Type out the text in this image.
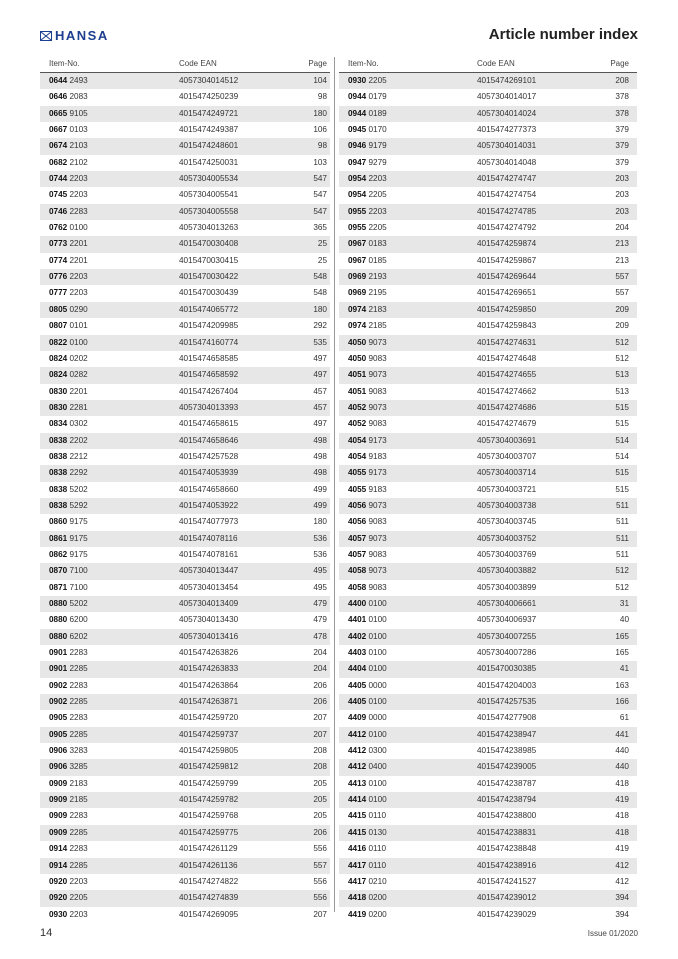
HANSA	Article number index
Item-No.	Code EAN	Page
0644 2493	4057304014512	104
0646 2083	4015474250239	98
0665 9105	4015474249721	180
0667 0103	4015474249387	106
0674 2103	4015474248601	98
0682 2102	4015474250031	103
0744 2203	4057304005534	547
0745 2203	4057304005541	547
0746 2283	4057304005558	547
0762 0100	4057304013263	365
0773 2201	4015470030408	25
0774 2201	4015470030415	25
0776 2203	4015470030422	548
0777 2203	4015470030439	548
0805 0290	4015474065772	180
0807 0101	4015474209985	292
0822 0100	4015474160774	535
0824 0202	4015474658585	497
0824 0282	4015474658592	497
0830 2201	4015474267404	457
0830 2281	4057304013393	457
0834 0302	4015474658615	497
0838 2202	4015474658646	498
0838 2212	4015474257528	498
0838 2292	4015474053939	498
0838 5202	4015474658660	499
0838 5292	4015474053922	499
0860 9175	4015474077973	180
0861 9175	4015474078116	536
0862 9175	4015474078161	536
0870 7100	4057304013447	495
0871 7100	4057304013454	495
0880 5202	4057304013409	479
0880 6200	4057304013430	479
0880 6202	4057304013416	478
0901 2283	4015474263826	204
0901 2285	4015474263833	204
0902 2283	4015474263864	206
0902 2285	4015474263871	206
0905 2283	4015474259720	207
0905 2285	4015474259737	207
0906 3283	4015474259805	208
0906 3285	4015474259812	208
0909 2183	4015474259799	205
0909 2185	4015474259782	205
0909 2283	4015474259768	205
0909 2285	4015474259775	206
0914 2283	4015474261129	556
0914 2285	4015474261136	557
0920 2203	4015474274822	556
0920 2205	4015474274839	556
0930 2203	4015474269095	207
Item-No.	Code EAN	Page
0930 2205	4015474269101	208
0944 0179	4057304014017	378
0944 0189	4057304014024	378
0945 0170	4015474277373	379
0946 9179	4057304014031	379
0947 9279	4057304014048	379
0954 2203	4015474274747	203
0954 2205	4015474274754	203
0955 2203	4015474274785	203
0955 2205	4015474274792	204
0967 0183	4015474259874	213
0967 0185	4015474259867	213
0969 2193	4015474269644	557
0969 2195	4015474269651	557
0974 2183	4015474259850	209
0974 2185	4015474259843	209
4050 9073	4015474274631	512
4050 9083	4015474274648	512
4051 9073	4015474274655	513
4051 9083	4015474274662	513
4052 9073	4015474274686	515
4052 9083	4015474274679	515
4054 9173	4057304003691	514
4054 9183	4057304003707	514
4055 9173	4057304003714	515
4055 9183	4057304003721	515
4056 9073	4057304003738	511
4056 9083	4057304003745	511
4057 9073	4057304003752	511
4057 9083	4057304003769	511
4058 9073	4057304003882	512
4058 9083	4057304003899	512
4400 0100	4057304006661	31
4401 0100	4057304006937	40
4402 0100	4057304007255	165
4403 0100	4057304007286	165
4404 0100	4015470030385	41
4405 0000	4015474204003	163
4405 0100	4015474257535	166
4409 0000	4015474277908	61
4412 0100	4015474238947	441
4412 0300	4015474238985	440
4412 0400	4015474239005	440
4413 0100	4015474238787	418
4414 0100	4015474238794	419
4415 0110	4015474238800	418
4415 0130	4015474238831	418
4416 0110	4015474238848	419
4417 0110	4015474238916	412
4417 0210	4015474241527	412
4418 0200	4015474239012	394
4419 0200	4015474239029	394
14	Issue 01/2020
